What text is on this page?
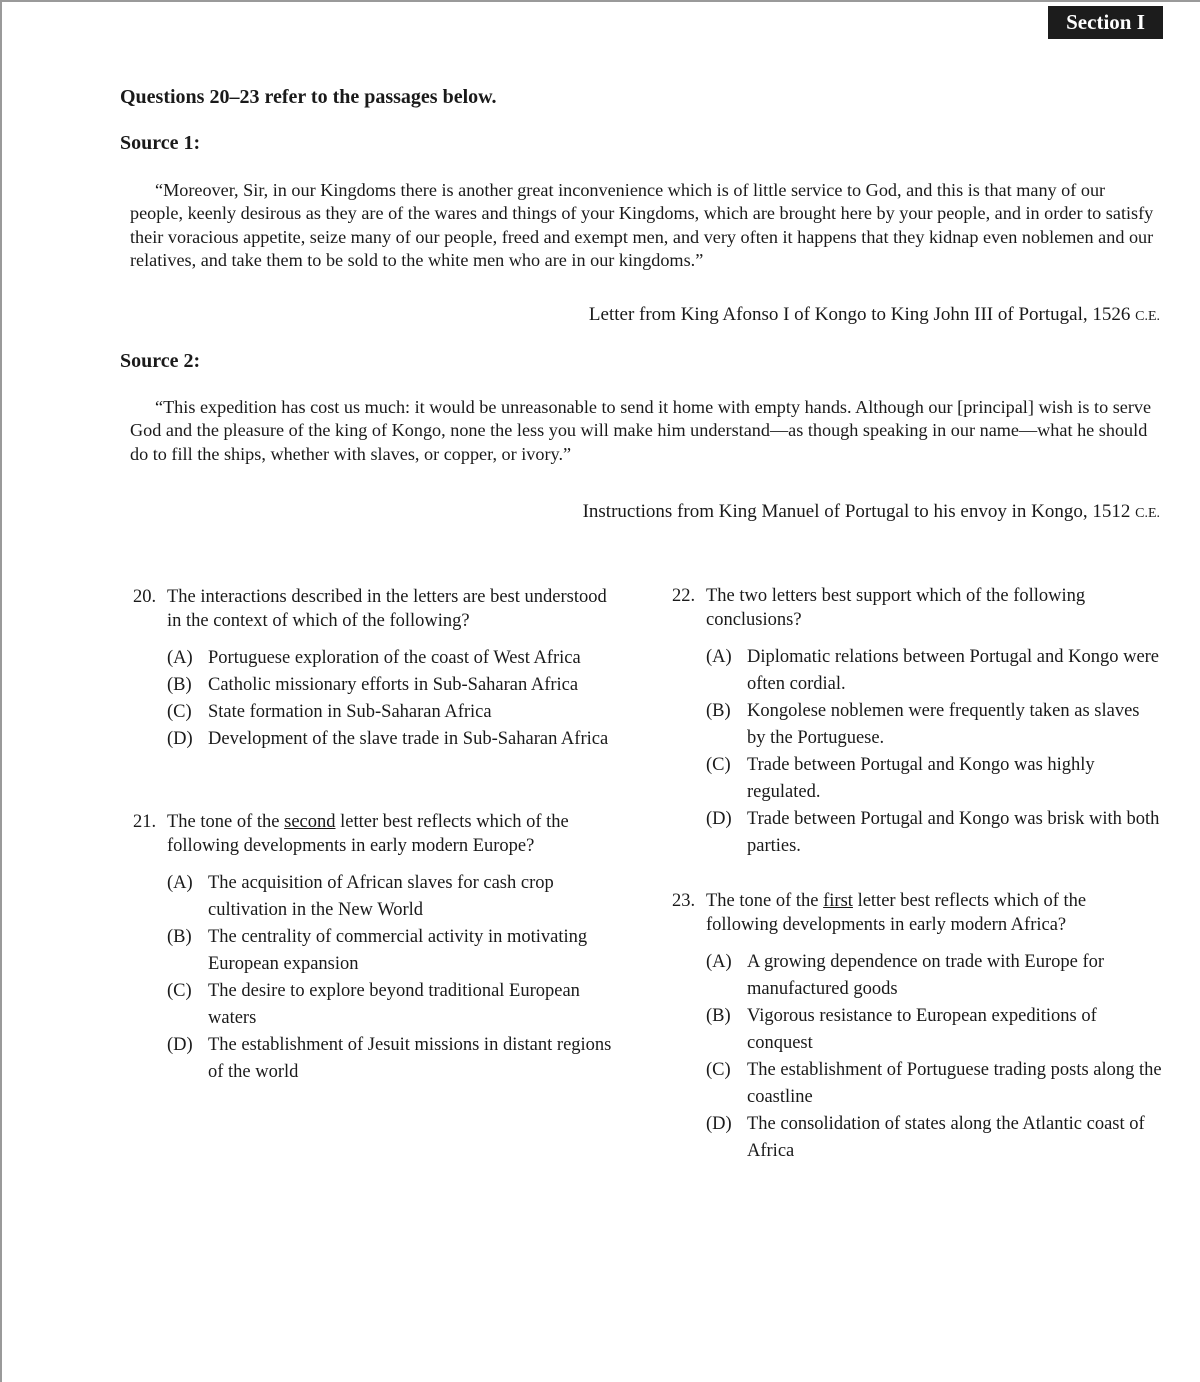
Section I

Questions 20–23 refer to the passages below.

Source 1:

“Moreover, Sir, in our Kingdoms there is another great inconvenience which is of little service to God, and this is that many of our people, keenly desirous as they are of the wares and things of your Kingdoms, which are brought here by your people, and in order to satisfy their voracious appetite, seize many of our people, freed and exempt men, and very often it happens that they kidnap even noblemen and our relatives, and take them to be sold to the white men who are in our kingdoms.”

Letter from King Afonso I of Kongo to King John III of Portugal, 1526 C.E.

Source 2:

“This expedition has cost us much: it would be unreasonable to send it home with empty hands. Although our [principal] wish is to serve God and the pleasure of the king of Kongo, none the less you will make him understand—as though speaking in our name—what he should do to fill the ships, whether with slaves, or copper, or ivory.”

Instructions from King Manuel of Portugal to his envoy in Kongo, 1512 C.E.

20. The interactions described in the letters are best understood in the context of which of the following?
(A) Portuguese exploration of the coast of West Africa
(B) Catholic missionary efforts in Sub-Saharan Africa
(C) State formation in Sub-Saharan Africa
(D) Development of the slave trade in Sub-Saharan Africa
21. The tone of the second letter best reflects which of the following developments in early modern Europe?
(A) The acquisition of African slaves for cash crop cultivation in the New World
(B) The centrality of commercial activity in motivating European expansion
(C) The desire to explore beyond traditional European waters
(D) The establishment of Jesuit missions in distant regions of the world
22. The two letters best support which of the following conclusions?
(A) Diplomatic relations between Portugal and Kongo were often cordial.
(B) Kongolese noblemen were frequently taken as slaves by the Portuguese.
(C) Trade between Portugal and Kongo was highly regulated.
(D) Trade between Portugal and Kongo was brisk with both parties.
23. The tone of the first letter best reflects which of the following developments in early modern Africa?
(A) A growing dependence on trade with Europe for manufactured goods
(B) Vigorous resistance to European expeditions of conquest
(C) The establishment of Portuguese trading posts along the coastline
(D) The consolidation of states along the Atlantic coast of Africa
